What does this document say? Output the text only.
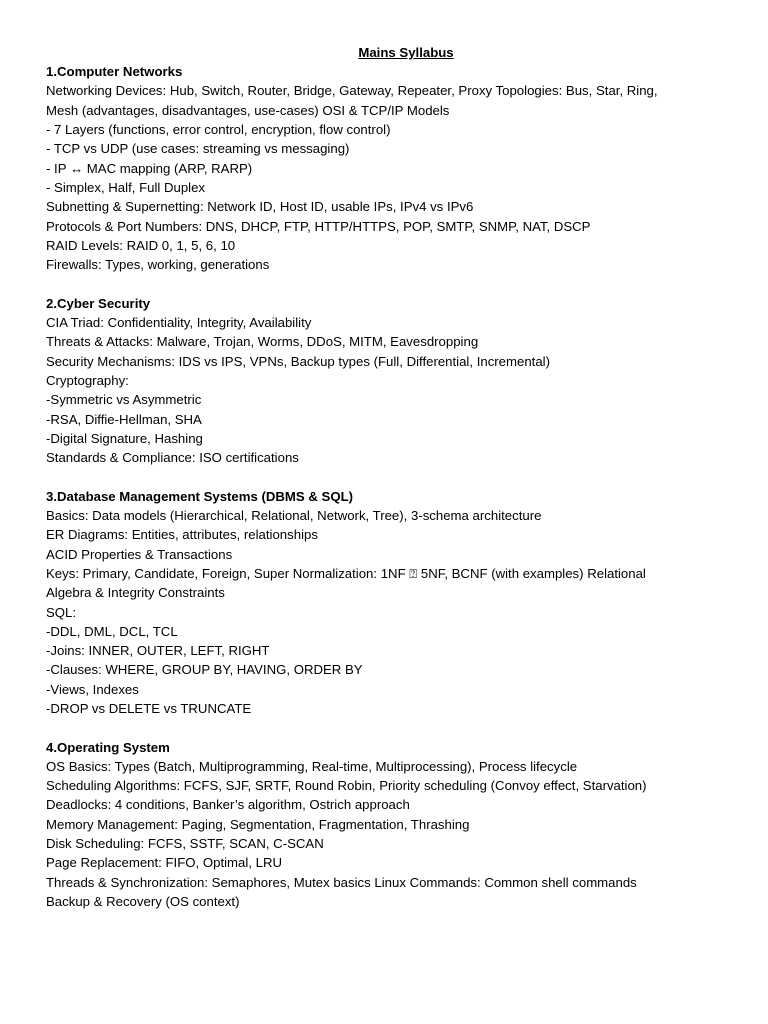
Mains Syllabus
1.Computer Networks
Networking Devices: Hub, Switch, Router, Bridge, Gateway, Repeater, Proxy Topologies: Bus, Star, Ring,
Mesh (advantages, disadvantages, use-cases) OSI & TCP/IP Models
- 7 Layers (functions, error control, encryption, flow control)
- TCP vs UDP (use cases: streaming vs messaging)
- IP ↔ MAC mapping (ARP, RARP)
- Simplex, Half, Full Duplex
Subnetting & Supernetting: Network ID, Host ID, usable IPs, IPv4 vs IPv6
Protocols & Port Numbers: DNS, DHCP, FTP, HTTP/HTTPS, POP, SMTP, SNMP, NAT, DSCP
RAID Levels: RAID 0, 1, 5, 6, 10
Firewalls: Types, working, generations
2.Cyber Security
CIA Triad: Confidentiality, Integrity, Availability
Threats & Attacks: Malware, Trojan, Worms, DDoS, MITM, Eavesdropping
Security Mechanisms: IDS vs IPS, VPNs, Backup types (Full, Differential, Incremental)
Cryptography:
-Symmetric vs Asymmetric
-RSA, Diffie-Hellman, SHA
-Digital Signature, Hashing
Standards & Compliance: ISO certifications
3.Database Management Systems (DBMS & SQL)
Basics: Data models (Hierarchical, Relational, Network, Tree), 3-schema architecture
ER Diagrams: Entities, attributes, relationships
ACID Properties & Transactions
Keys: Primary, Candidate, Foreign, Super Normalization: 1NF ⍰ 5NF, BCNF (with examples) Relational
Algebra & Integrity Constraints
SQL:
-DDL, DML, DCL, TCL
-Joins: INNER, OUTER, LEFT, RIGHT
-Clauses: WHERE, GROUP BY, HAVING, ORDER BY
-Views, Indexes
-DROP vs DELETE vs TRUNCATE
4.Operating System
OS Basics: Types (Batch, Multiprogramming, Real-time, Multiprocessing), Process lifecycle
Scheduling Algorithms: FCFS, SJF, SRTF, Round Robin, Priority scheduling (Convoy effect, Starvation)
Deadlocks: 4 conditions, Banker’s algorithm, Ostrich approach
Memory Management: Paging, Segmentation, Fragmentation, Thrashing
Disk Scheduling: FCFS, SSTF, SCAN, C-SCAN
Page Replacement: FIFO, Optimal, LRU
Threads & Synchronization: Semaphores, Mutex basics Linux Commands: Common shell commands
Backup & Recovery (OS context)
